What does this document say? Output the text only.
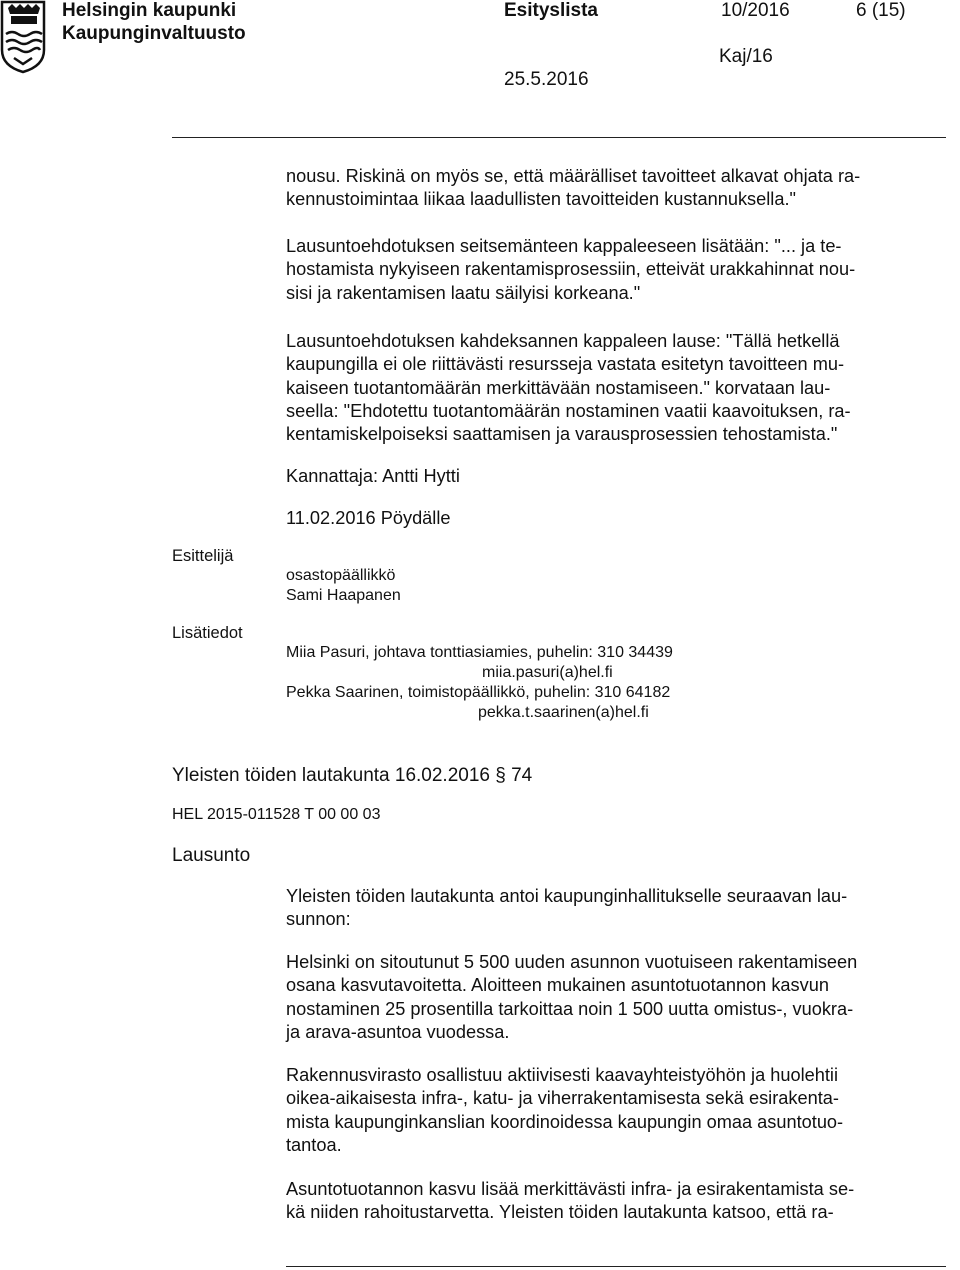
Helsingin kaupunki
Kaupunginvaltuusto
Esityslista	10/2016	6 (15)
Kaj/16
25.5.2016
nousu. Riskinä on myös se, että määrälliset tavoitteet alkavat ohjata ra-
kennustoimintaa liikaa laadullisten tavoitteiden kustannuksella."
Lausuntoehdotuksen seitsemänteen kappaleeseen lisätään: "... ja te-
hostamista nykyiseen rakentamisprosessiin, etteivät urakkahinnat nou-
sisi ja rakentamisen laatu säilyisi korkeana."
Lausuntoehdotuksen kahdeksannen kappaleen lause: "Tällä hetkellä
kaupungilla ei ole riittävästi resursseja vastata esitetyn tavoitteen mu-
kaiseen tuotantomäärän merkittävään nostamiseen." korvataan lau-
seella: "Ehdotettu tuotantomäärän nostaminen vaatii kaavoituksen, ra-
kentamiskelpoiseksi saattamisen ja varausprosessien tehostamista."
Kannattaja: Antti Hytti
11.02.2016 Pöydälle
Esittelijä
osastopäällikkö
Sami Haapanen
Lisätiedot
Miia Pasuri, johtava tonttiasiamies, puhelin: 310 34439
miia.pasuri(a)hel.fi
Pekka Saarinen, toimistopäällikkö, puhelin: 310 64182
pekka.t.saarinen(a)hel.fi
Yleisten töiden lautakunta 16.02.2016 § 74
HEL 2015-011528 T 00 00 03
Lausunto
Yleisten töiden lautakunta antoi kaupunginhallitukselle seuraavan lau-
sunnon:
Helsinki on sitoutunut 5 500 uuden asunnon vuotuiseen rakentamiseen
osana kasvutavoitetta. Aloitteen mukainen asuntotuotannon kasvun
nostaminen 25 prosentilla tarkoittaa noin 1 500 uutta omistus-, vuokra-
ja arava-asuntoa vuodessa.
Rakennusvirasto osallistuu aktiivisesti kaavayhteistyöhön ja huolehtii
oikea-aikaisesta infra-, katu- ja viherrakentamisesta sekä esirakenta-
mista kaupunginkanslian koordinoidessa kaupungin omaa asuntotuo-
tantoa.
Asuntotuotannon kasvu lisää merkittävästi infra- ja esirakentamista se-
kä niiden rahoitustarvetta. Yleisten töiden lautakunta katsoo, että ra-
